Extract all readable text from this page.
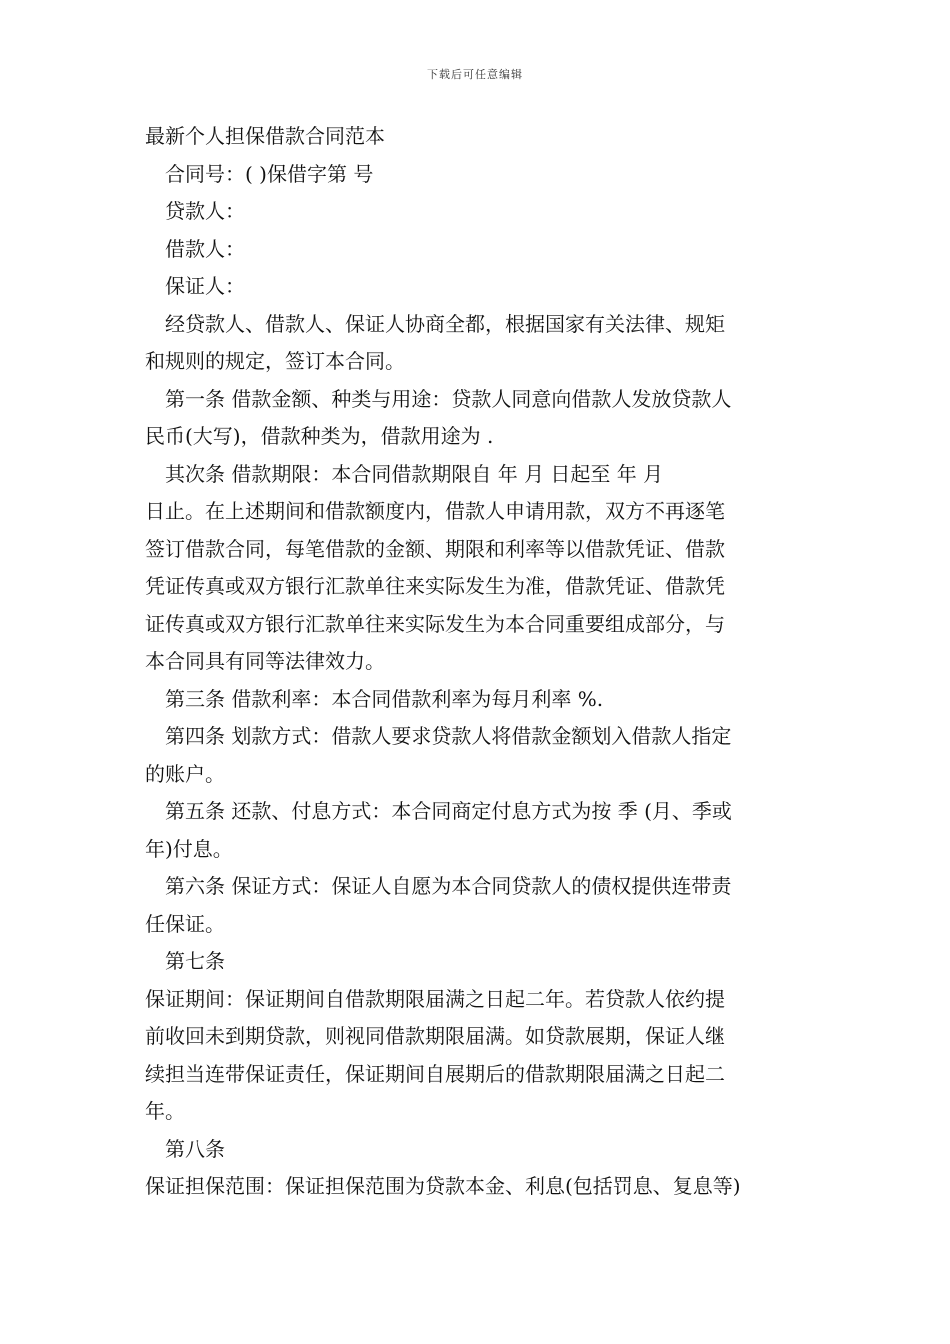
下载后可任意编辑
最新个人担保借款合同范本
合同号：( )保借字第 号
贷款人：
借款人：
保证人：
经贷款人、借款人、保证人协商全都，根据国家有关法律、规矩
和规则的规定，签订本合同。
第一条 借款金额、种类与用途：贷款人同意向借款人发放贷款人
民币(大写)，借款种类为，借款用途为 .
其次条 借款期限：本合同借款期限自 年 月 日起至 年 月
日止。在上述期间和借款额度内，借款人申请用款，双方不再逐笔
签订借款合同，每笔借款的金额、期限和利率等以借款凭证、借款
凭证传真或双方银行汇款单往来实际发生为准，借款凭证、借款凭
证传真或双方银行汇款单往来实际发生为本合同重要组成部分，与
本合同具有同等法律效力。
第三条 借款利率：本合同借款利率为每月利率 %.
第四条 划款方式：借款人要求贷款人将借款金额划入借款人指定
的账户。
第五条 还款、付息方式：本合同商定付息方式为按 季 (月、季或
年)付息。
第六条 保证方式：保证人自愿为本合同贷款人的债权提供连带责
任保证。
第七条
保证期间：保证期间自借款期限届满之日起二年。若贷款人依约提
前收回未到期贷款，则视同借款期限届满。如贷款展期，保证人继
续担当连带保证责任，保证期间自展期后的借款期限届满之日起二
年。
第八条
保证担保范围：保证担保范围为贷款本金、利息(包括罚息、复息等)
